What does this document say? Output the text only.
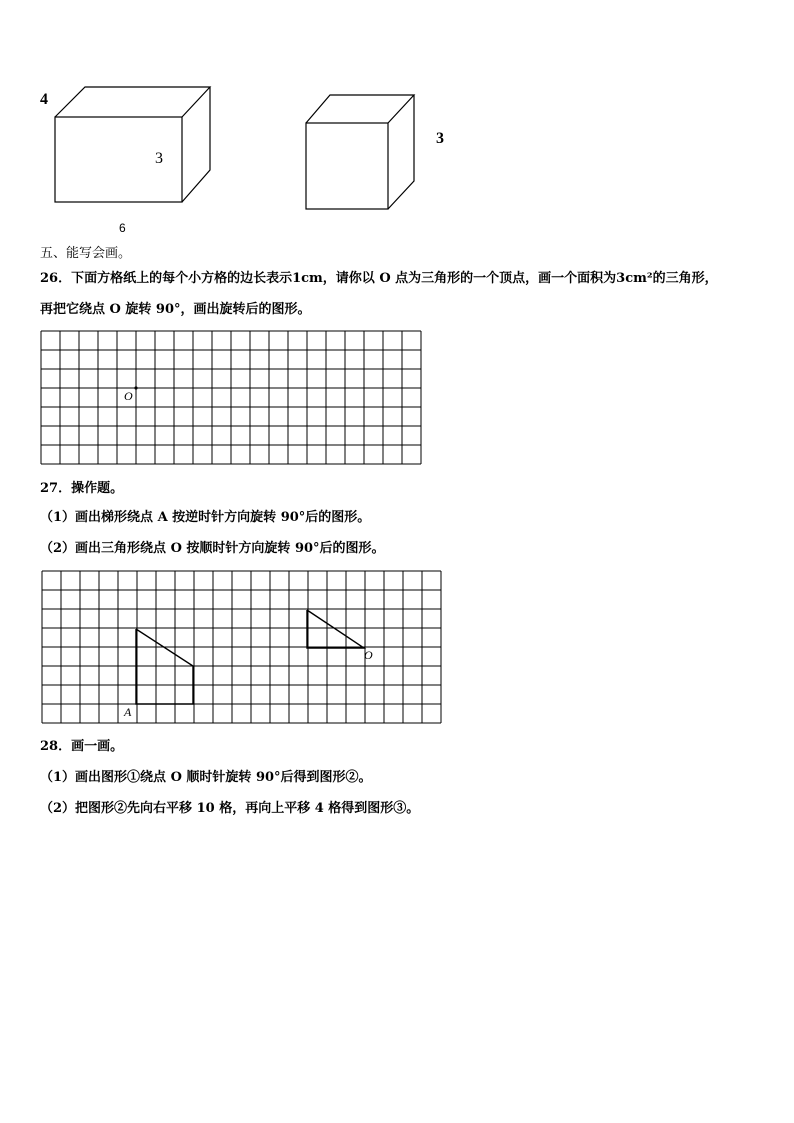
4
3
6
3
五、能写会画。
26．下面方格纸上的每个小方格的边长表示1cm，请你以 O 点为三角形的一个顶点，画一个面积为3cm²的三角形，
再把它绕点 O 旋转 90°，画出旋转后的图形。
O
27．操作题。
（1）画出梯形绕点 A 按逆时针方向旋转 90°后的图形。
（2）画出三角形绕点 O 按顺时针方向旋转 90°后的图形。
A
O
28．画一画。
（1）画出图形①绕点 O 顺时针旋转 90°后得到图形②。
（2）把图形②先向右平移 10 格，再向上平移 4 格得到图形③。
